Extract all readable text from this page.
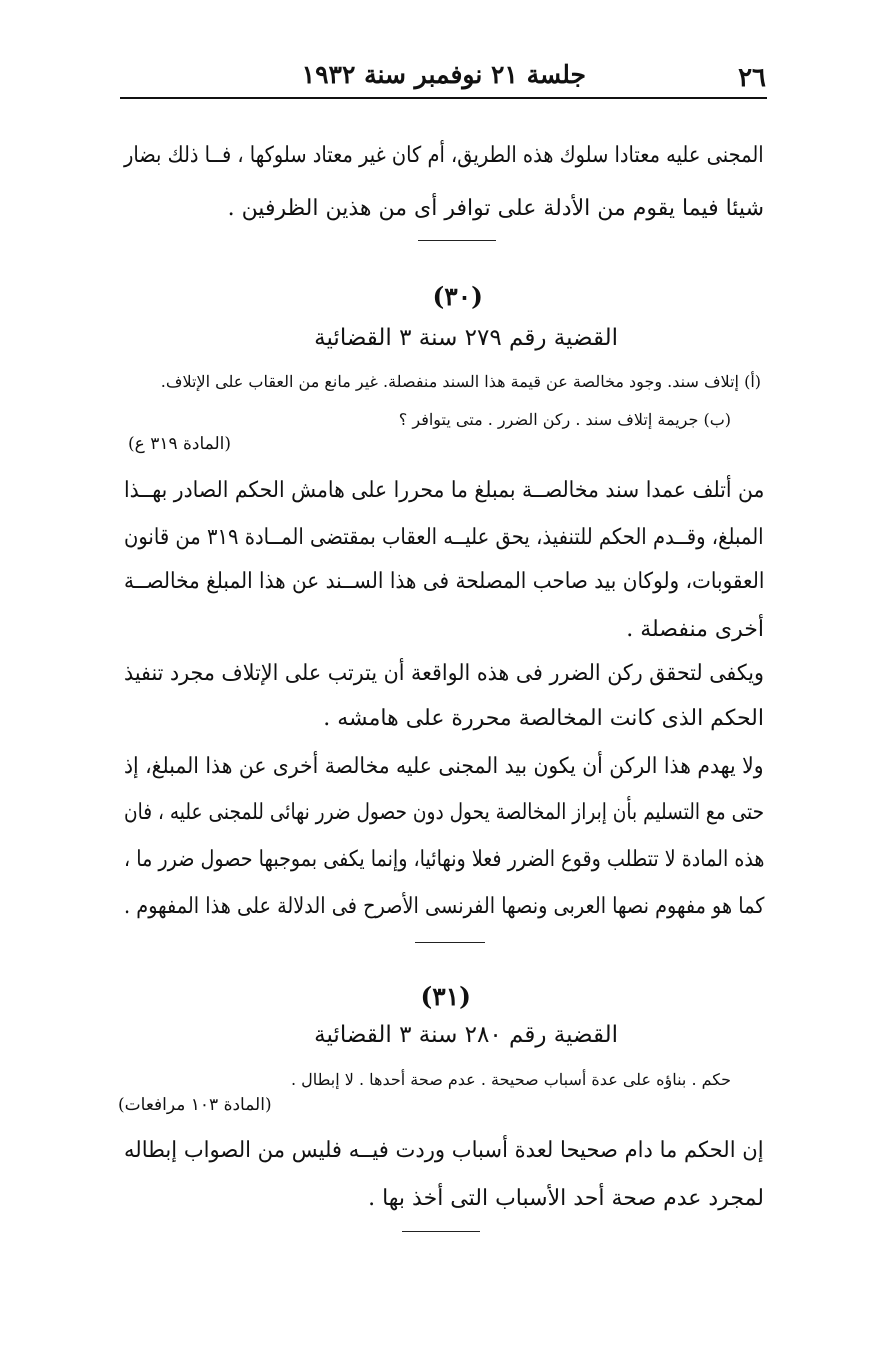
٢٦
جلسة ٢١ نوفمبر سنة ١٩٣٢
المجنى عليه معتادا سلوك هذه الطريق، أم كان غير معتاد سلوكها ، فــا ذلك بضار
شيئا فيما يقوم من الأدلة على توافر أى من هذين الظرفين .
(٣٠)
القضية رقم ٢٧٩ سنة ٣ القضائية
(أ) إتلاف سند. وجود مخالصة عن قيمة هذا السند منفصلة. غير مانع من العقاب على الإتلاف.
(ب) جريمة إتلاف سند . ركن الضرر . متى يتوافر ؟
(المادة ٣١٩ ع)
من أتلف عمدا سند مخالصــة بمبلغ ما محررا على هامش الحكم الصادر بهــذا
المبلغ، وقــدم الحكم للتنفيذ، يحق عليــه العقاب بمقتضى المــادة ٣١٩ من قانون
العقوبات، ولوكان بيد صاحب المصلحة فى هذا الســند عن هذا المبلغ مخالصــة
أخرى منفصلة .
ويكفى لتحقق ركن الضرر فى هذه الواقعة أن يترتب على الإتلاف مجرد تنفيذ
الحكم الذى كانت المخالصة محررة على هامشه .
ولا يهدم هذا الركن أن يكون بيد المجنى عليه مخالصة أخرى عن هذا المبلغ، إذ
حتى مع التسليم بأن إبراز المخالصة يحول دون حصول ضرر نهائى للمجنى عليه ، فان
هذه المادة لا تتطلب وقوع الضرر فعلا ونهائيا، وإنما يكفى بموجبها حصول ضرر ما ،
كما هو مفهوم نصها العربى ونصها الفرنسى الأصرح فى الدلالة على هذا المفهوم .
(٣١)
القضية رقم ٢٨٠ سنة ٣ القضائية
حكم . بناؤه على عدة أسباب صحيحة . عدم صحة أحدها . لا إبطال .
(المادة ١٠٣ مرافعات)
إن الحكم ما دام صحيحا لعدة أسباب وردت فيــه فليس من الصواب إبطاله
لمجرد عدم صحة أحد الأسباب التى أخذ بها .
